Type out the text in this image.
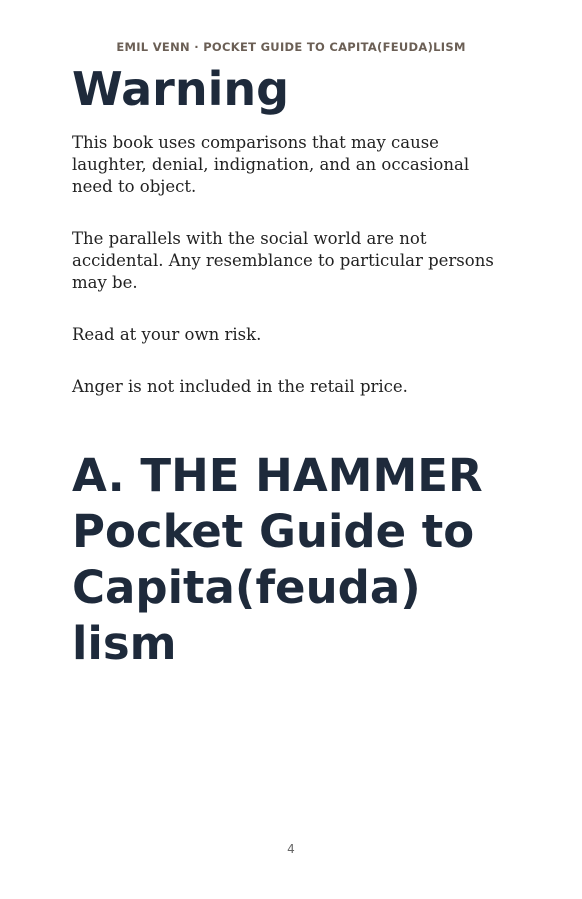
EMIL VENN · POCKET GUIDE TO CAPITA(FEUDA)LISM
Warning

This book uses comparisons that may cause laughter, denial, indignation, and an occasional need to object.

The parallels with the social world are not accidental. Any resemblance to particular persons may be.

Read at your own risk.

Anger is not included in the retail price.

A. THE HAMMER
Pocket Guide to
Capita(feuda)
lism
4
